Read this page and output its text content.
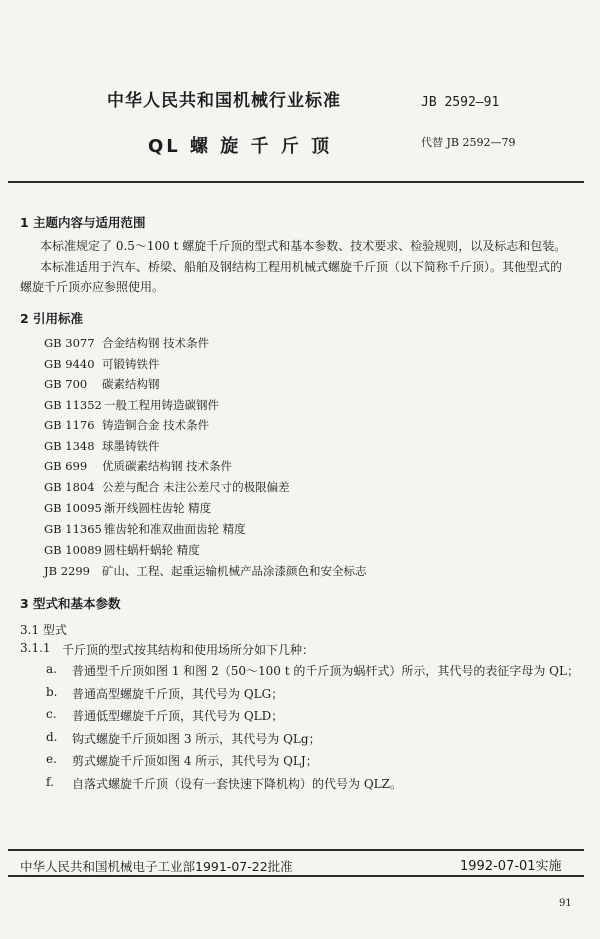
中华人民共和国机械行业标准	JB 2592—91
QL 螺 旋 千 斤 顶	代替 JB 2592—79
1 主题内容与适用范围
本标准规定了 0.5～100 t 螺旋千斤顶的型式和基本参数、技术要求、检验规则，以及标志和包装。
本标准适用于汽车、桥梁、船舶及钢结构工程用机械式螺旋千斤顶（以下简称千斤顶）。其他型式的
螺旋千斤顶亦应参照使用。
2 引用标准
GB 3077 合金结构钢 技术条件
GB 9440 可锻铸铁件
GB 700 碳素结构钢
GB 11352 一般工程用铸造碳钢件
GB 1176 铸造铜合金 技术条件
GB 1348 球墨铸铁件
GB 699 优质碳素结构钢 技术条件
GB 1804 公差与配合 未注公差尺寸的极限偏差
GB 10095 渐开线圆柱齿轮 精度
GB 11365 锥齿轮和准双曲面齿轮 精度
GB 10089 圆柱蜗杆蜗轮 精度
JB 2299 矿山、工程、起重运输机械产品涂漆颜色和安全标志
3 型式和基本参数
3.1 型式
3.1.1 千斤顶的型式按其结构和使用场所分如下几种：
a. 普通型千斤顶如图 1 和图 2（50～100 t 的千斤顶为蜗杆式）所示，其代号的表征字母为 QL；
b. 普通高型螺旋千斤顶，其代号为 QLG；
c. 普通低型螺旋千斤顶，其代号为 QLD；
d. 钩式螺旋千斤顶如图 3 所示，其代号为 QLg；
e. 剪式螺旋千斤顶如图 4 所示，其代号为 QLJ；
f. 自落式螺旋千斤顶（设有一套快速下降机构）的代号为 QLZ。
中华人民共和国机械电子工业部1991-07-22批准	1992-07-01实施
91
